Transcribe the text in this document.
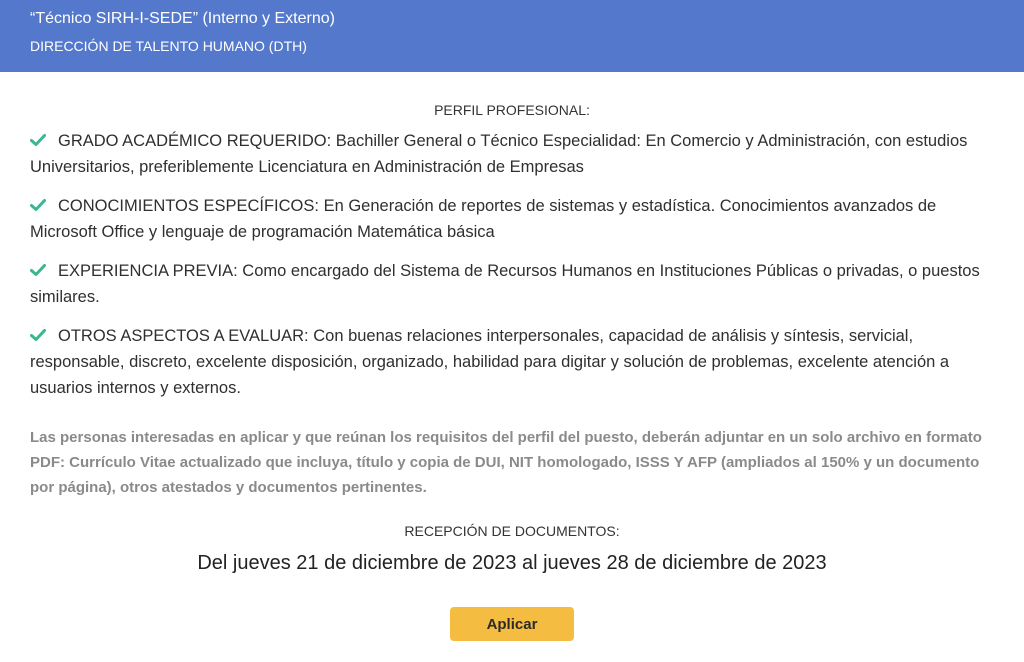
“Técnico SIRH-I-SEDE” (Interno y Externo)
DIRECCIÓN DE TALENTO HUMANO (DTH)
PERFIL PROFESIONAL:
GRADO ACADÉMICO REQUERIDO: Bachiller General o Técnico Especialidad: En Comercio y Administración, con estudios Universitarios, preferiblemente Licenciatura en Administración de Empresas
CONOCIMIENTOS ESPECÍFICOS: En Generación de reportes de sistemas y estadística. Conocimientos avanzados de Microsoft Office y lenguaje de programación Matemática básica
EXPERIENCIA PREVIA: Como encargado del Sistema de Recursos Humanos en Instituciones Públicas o privadas, o puestos similares.
OTROS ASPECTOS A EVALUAR: Con buenas relaciones interpersonales, capacidad de análisis y síntesis, servicial, responsable, discreto, excelente disposición, organizado, habilidad para digitar y solución de problemas, excelente atención a usuarios internos y externos.
Las personas interesadas en aplicar y que reúnan los requisitos del perfil del puesto, deberán adjuntar en un solo archivo en formato PDF: Currículo Vitae actualizado que incluya, título y copia de DUI, NIT homologado, ISSS Y AFP (ampliados al 150% y un documento por página), otros atestados y documentos pertinentes.
RECEPCIÓN DE DOCUMENTOS:
Del jueves 21 de diciembre de 2023 al jueves 28 de diciembre de 2023
Aplicar
